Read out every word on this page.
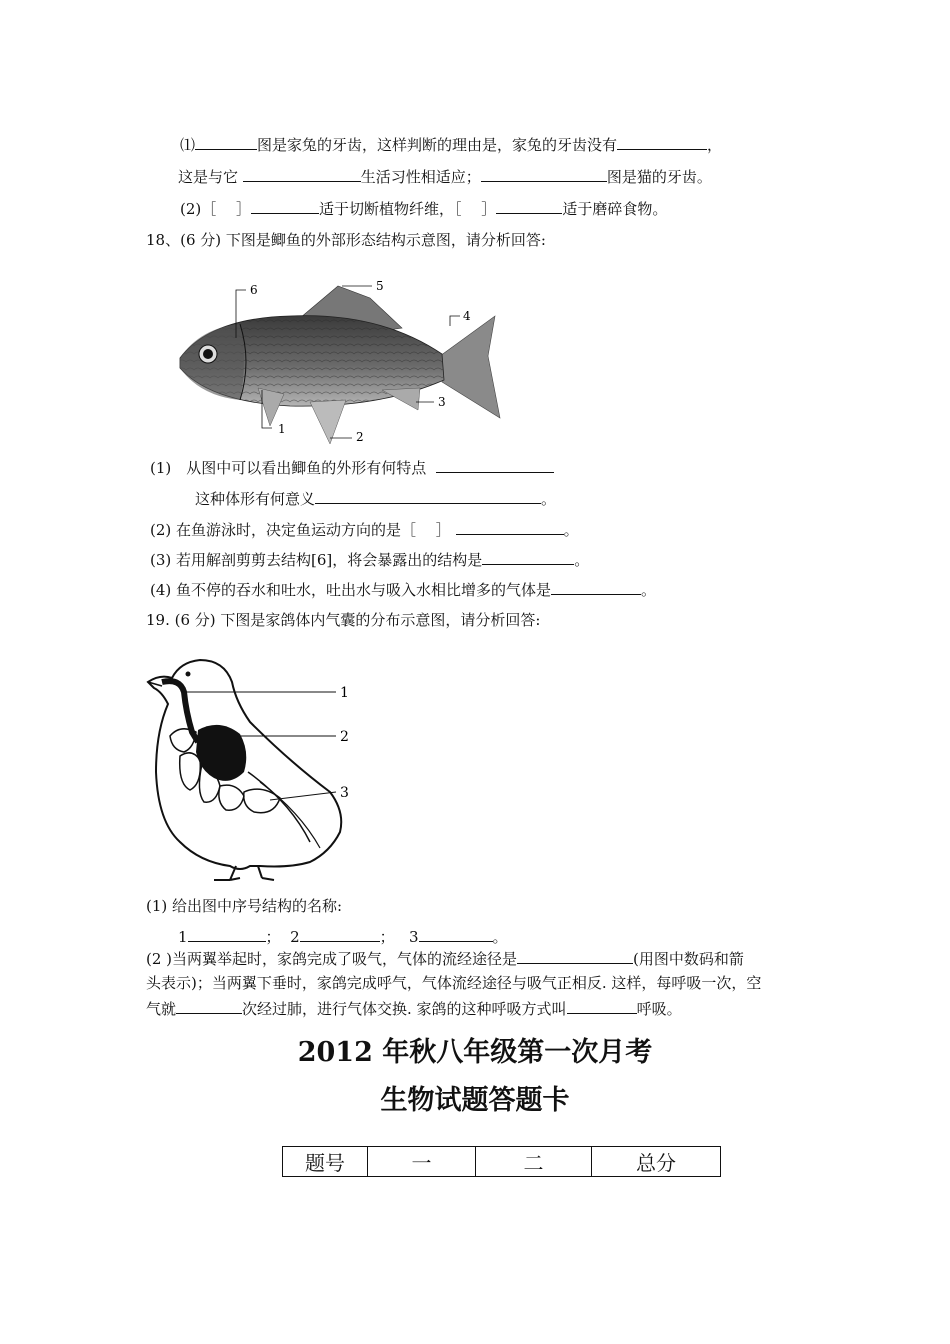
⑴	图是家兔的牙齿，这样判断的理由是，家兔的牙齿没有	，
这是与它	生活习性相适应；	图是猫的牙齿。
(2)［　 ］	适于切断植物纤维，［　 ］	适于磨碎食物。
18、(6 分) 下图是鲫鱼的外部形态结构示意图，请分析回答:
1
2
3
4
5
6
(1)　从图中可以看出鲫鱼的外形有何特点
这种体形有何意义	。
(2) 在鱼游泳时，决定鱼运动方向的是［　 ］	。
(3) 若用解剖剪剪去结构[6]，将会暴露出的结构是	。
(4) 鱼不停的吞水和吐水，吐出水与吸入水相比增多的气体是	。
19. (6 分) 下图是家鸽体内气囊的分布示意图，请分析回答:
1
2
3
(1) 给出图中序号结构的名称:
1	； 2	； 3	。
(2 )当两翼举起时，家鸽完成了吸气，气体的流经途径是	(用图中数码和箭
头表示)；当两翼下垂时，家鸽完成呼气，气体流经途径与吸气正相反. 这样，每呼吸一次，空
气就	次经过肺，进行气体交换. 家鸽的这种呼吸方式叫	呼吸。
2012 年秋八年级第一次月考
生物试题答题卡
题号	一	二	总分
